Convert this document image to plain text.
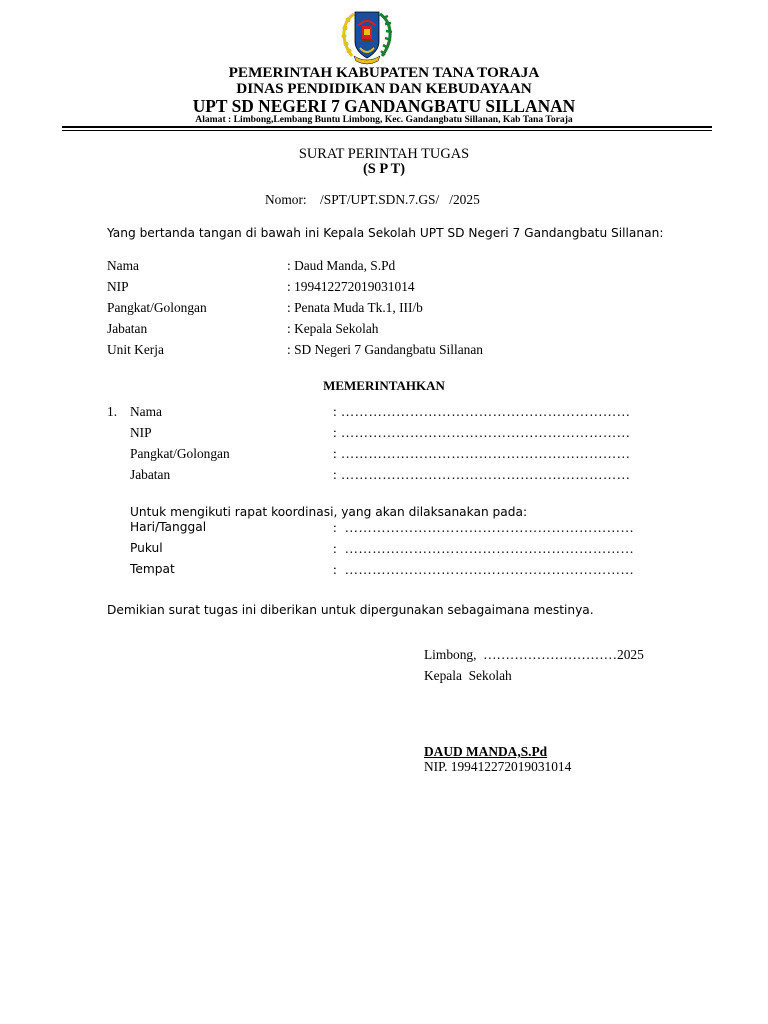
PEMERINTAH KABUPATEN TANA TORAJA
DINAS PENDIDIKAN DAN KEBUDAYAAN
UPT SD NEGERI 7 GANDANGBATU SILLANAN
Alamat : Limbong,Lembang Buntu Limbong, Kec. Gandangbatu Sillanan, Kab Tana Toraja
SURAT PERINTAH TUGAS
(S P T)
Nomor:    /SPT/UPT.SDN.7.GS/   /2025
Yang bertanda tangan di bawah ini Kepala Sekolah UPT SD Negeri 7 Gandangbatu Sillanan:
Nama	: Daud Manda, S.Pd
NIP	: 199412272019031014
Pangkat/Golongan	: Penata Muda Tk.1, III/b
Jabatan	: Kepala Sekolah
Unit Kerja	: SD Negeri 7 Gandangbatu Sillanan
MEMERINTAHKAN
1. Nama	: ………………………………………………………
NIP	: ………………………………………………………
Pangkat/Golongan	: ………………………………………………………
Jabatan	: ………………………………………………………
Untuk mengikuti rapat koordinasi, yang akan dilaksanakan pada:
Hari/Tanggal	:  ………………………………………………………
Pukul	:  ………………………………………………………
Tempat	:  ………………………………………………………
Demikian surat tugas ini diberikan untuk dipergunakan sebagaimana mestinya.
Limbong,  …………………………2025
Kepala  Sekolah
DAUD MANDA,S.Pd
NIP. 199412272019031014
